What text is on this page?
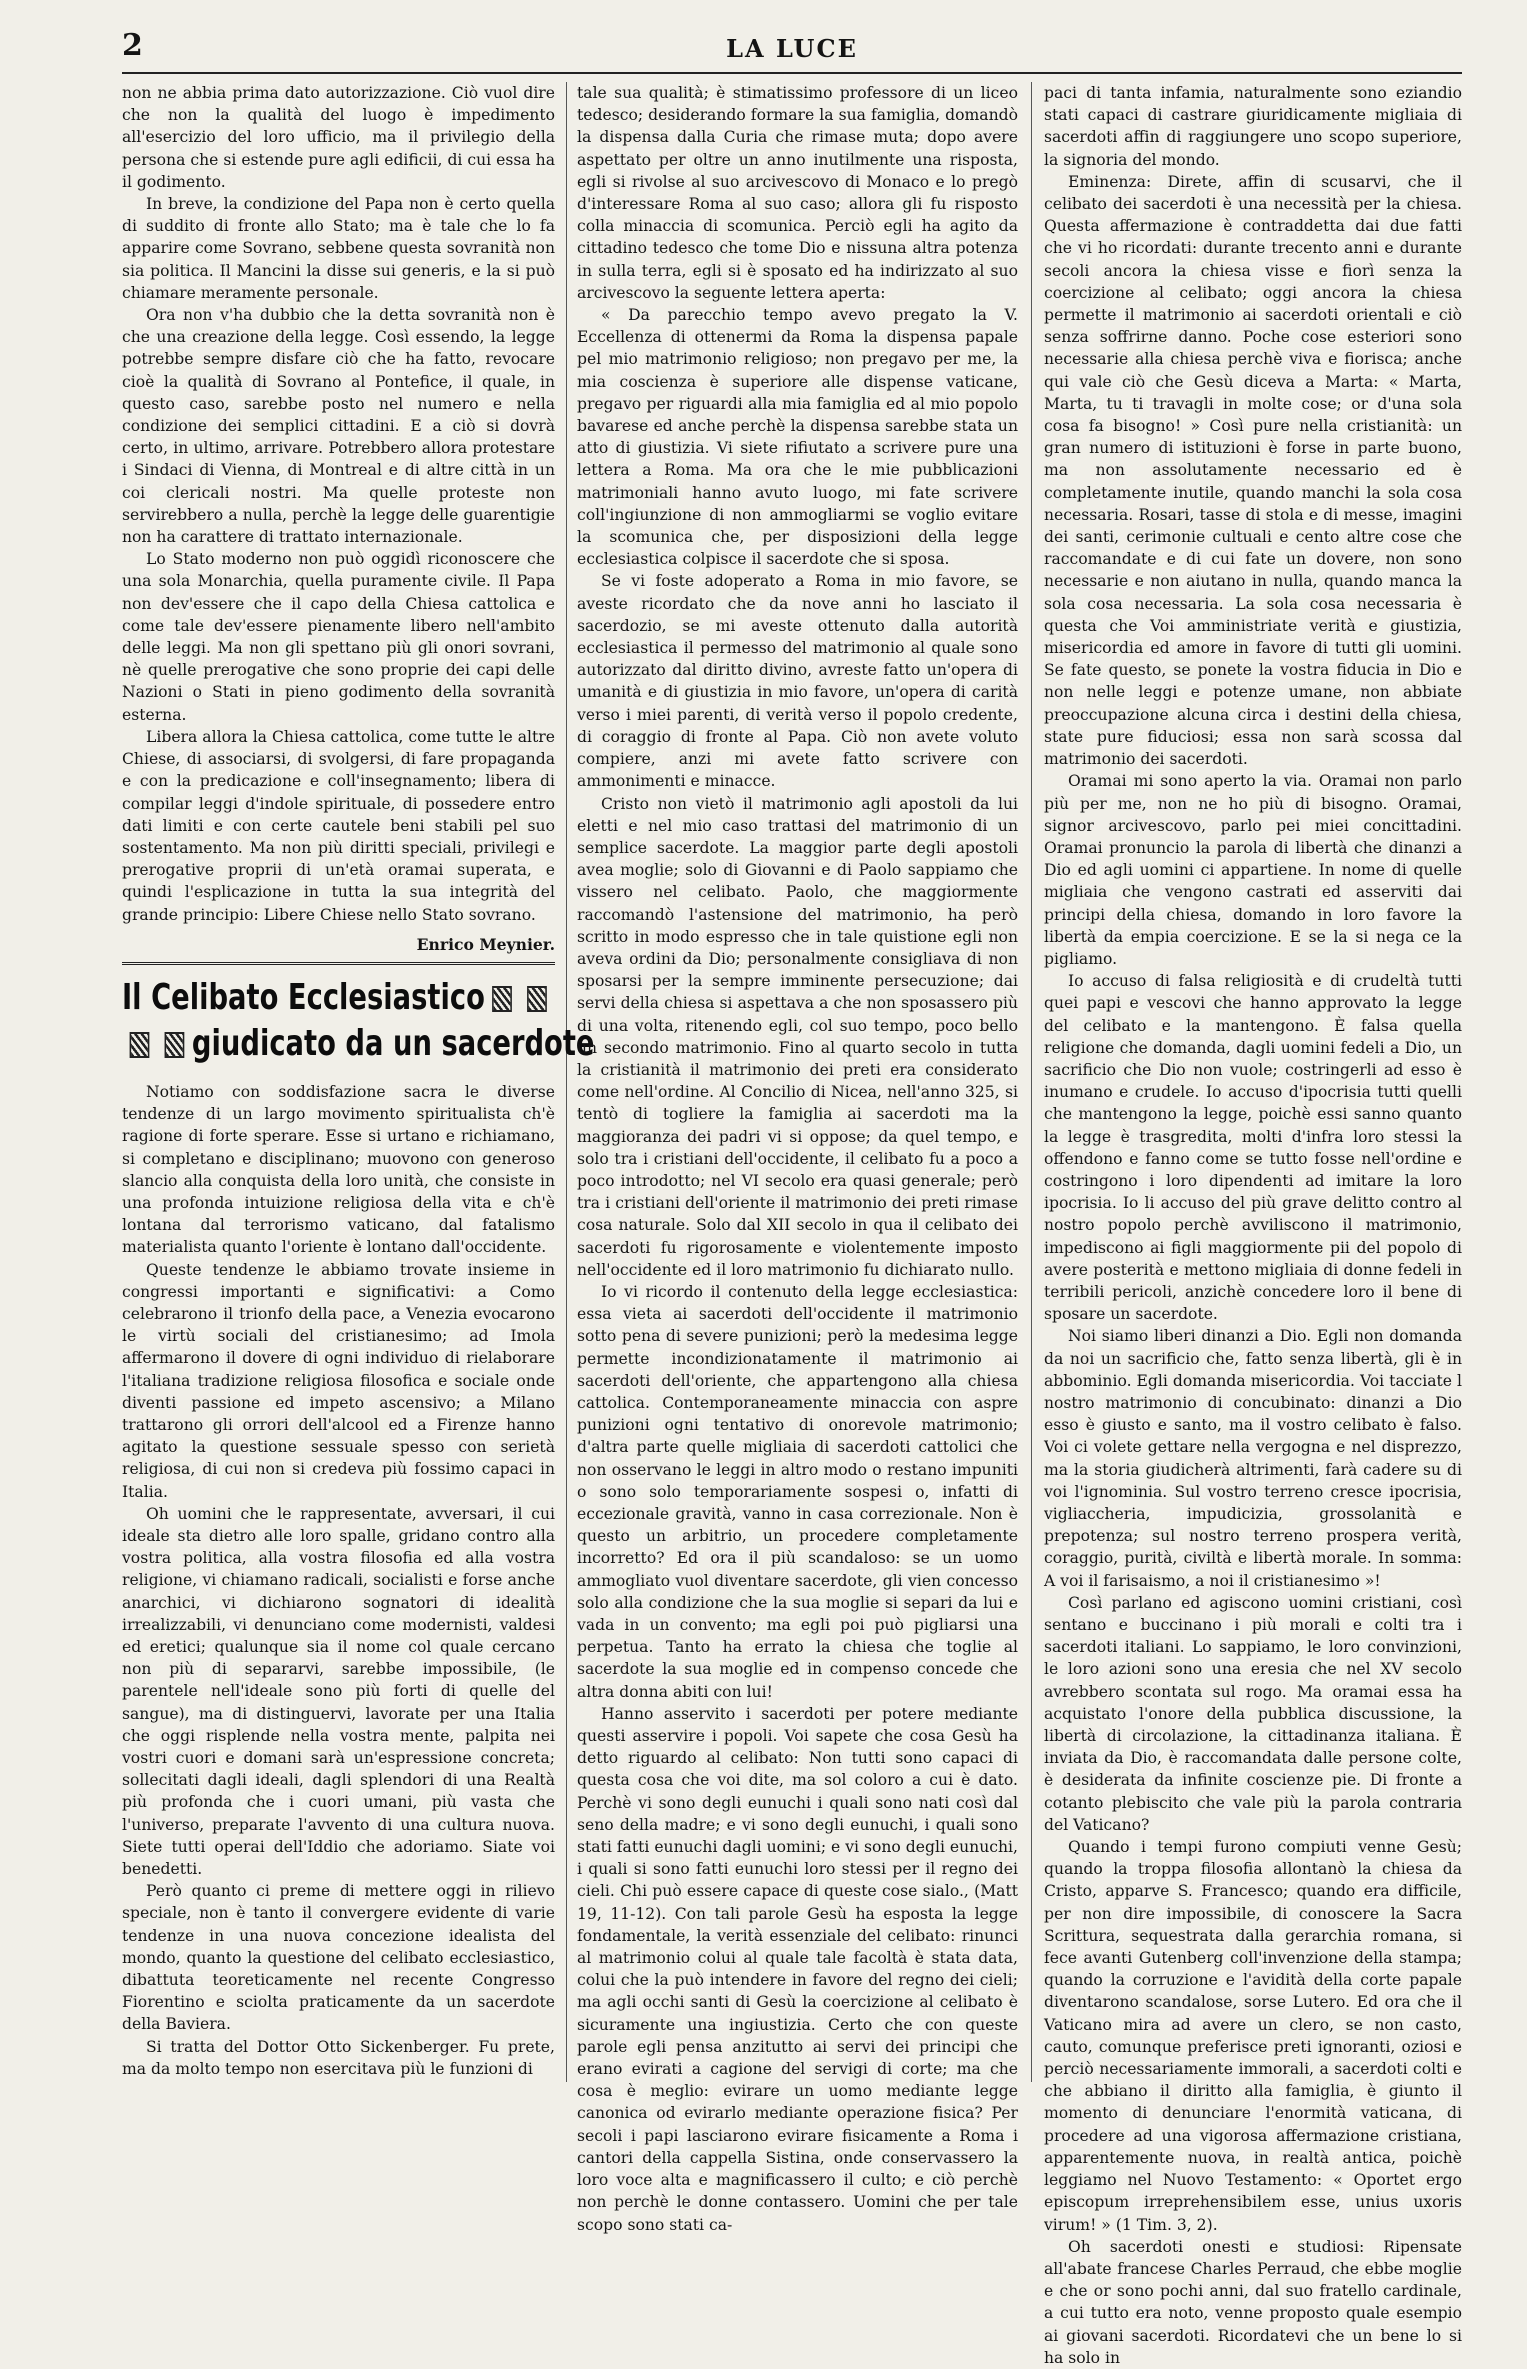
2	LA LUCE

non ne abbia prima dato autorizzazione. Ciò vuol dire che non la qualità del luogo è impedimento all'esercizio del loro ufficio, ma il privilegio della persona che si estende pure agli edificii, di cui essa ha il godimento.

In breve, la condizione del Papa non è certo quella di suddito di fronte allo Stato; ma è tale che lo fa apparire come Sovrano, sebbene questa sovranità non sia politica. Il Mancini la disse sui generis, e la si può chiamare meramente personale.

Ora non v'ha dubbio che la detta sovranità non è che una creazione della legge. Così essendo, la legge potrebbe sempre disfare ciò che ha fatto, revocare cioè la qualità di Sovrano al Pontefice, il quale, in questo caso, sarebbe posto nel numero e nella condizione dei semplici cittadini. E a ciò si dovrà certo, in ultimo, arrivare. Potrebbero allora protestare i Sindaci di Vienna, di Montreal e di altre città in un coi clericali nostri. Ma quelle proteste non servirebbero a nulla, perchè la legge delle guarentigie non ha carattere di trattato internazionale.

Lo Stato moderno non può oggidì riconoscere che una sola Monarchia, quella puramente civile. Il Papa non dev'essere che il capo della Chiesa cattolica e come tale dev'essere pienamente libero nell'ambito delle leggi. Ma non gli spettano più gli onori sovrani, nè quelle prerogative che sono proprie dei capi delle Nazioni o Stati in pieno godimento della sovranità esterna.

Libera allora la Chiesa cattolica, come tutte le altre Chiese, di associarsi, di svolgersi, di fare propaganda e con la predicazione e coll'insegnamento; libera di compilar leggi d'indole spirituale, di possedere entro dati limiti e con certe cautele beni stabili pel suo sostentamento. Ma non più diritti speciali, privilegi e prerogative proprii di un'età oramai superata, e quindi l'esplicazione in tutta la sua integrità del grande principio: Libere Chiese nello Stato sovrano.

Enrico Meynier.
Il Celibato Ecclesiastico
giudicato da un sacerdote

Notiamo con soddisfazione sacra le diverse tendenze di un largo movimento spiritualista ch'è ragione di forte sperare. Esse si urtano e richiamano, si completano e disciplinano; muovono con generoso slancio alla conquista della loro unità, che consiste in una profonda intuizione religiosa della vita e ch'è lontana dal terrorismo vaticano, dal fatalismo materialista quanto l'oriente è lontano dall'occidente.

Queste tendenze le abbiamo trovate insieme in congressi importanti e significativi: a Como celebrarono il trionfo della pace, a Venezia evocarono le virtù sociali del cristianesimo; ad Imola affermarono il dovere di ogni individuo di rielaborare l'italiana tradizione religiosa filosofica e sociale onde diventi passione ed impeto ascensivo; a Milano trattarono gli orrori dell'alcool ed a Firenze hanno agitato la questione sessuale spesso con serietà religiosa, di cui non si credeva più fossimo capaci in Italia.

Oh uomini che le rappresentate, avversari, il cui ideale sta dietro alle loro spalle, gridano contro alla vostra politica, alla vostra filosofia ed alla vostra religione, vi chiamano radicali, socialisti e forse anche anarchici, vi dichiarono sognatori di idealità irrealizzabili, vi denunciano come modernisti, valdesi ed eretici; qualunque sia il nome col quale cercano non più di separarvi, sarebbe impossibile, (le parentele nell'ideale sono più forti di quelle del sangue), ma di distinguervi, lavorate per una Italia che oggi risplende nella vostra mente, palpita nei vostri cuori e domani sarà un'espressione concreta; sollecitati dagli ideali, dagli splendori di una Realtà più profonda che i cuori umani, più vasta che l'universo, preparate l'avvento di una cultura nuova. Siete tutti operai dell'Iddio che adoriamo. Siate voi benedetti.

Però quanto ci preme di mettere oggi in rilievo speciale, non è tanto il convergere evidente di varie tendenze in una nuova concezione idealista del mondo, quanto la questione del celibato ecclesiastico, dibattuta teoreticamente nel recente Congresso Fiorentino e sciolta praticamente da un sacerdote della Baviera.

Si tratta del Dottor Otto Sickenberger. Fu prete, ma da molto tempo non esercitava più le funzioni di

tale sua qualità; è stimatissimo professore di un liceo tedesco; desiderando formare la sua famiglia, domandò la dispensa dalla Curia che rimase muta; dopo avere aspettato per oltre un anno inutilmente una risposta, egli si rivolse al suo arcivescovo di Monaco e lo pregò d'interessare Roma al suo caso; allora gli fu risposto colla minaccia di scomunica. Perciò egli ha agito da cittadino tedesco che tome Dio e nissuna altra potenza in sulla terra, egli si è sposato ed ha indirizzato al suo arcivescovo la seguente lettera aperta:

« Da parecchio tempo avevo pregato la V. Eccellenza di ottenermi da Roma la dispensa papale pel mio matrimonio religioso; non pregavo per me, la mia coscienza è superiore alle dispense vaticane, pregavo per riguardi alla mia famiglia ed al mio popolo bavarese ed anche perchè la dispensa sarebbe stata un atto di giustizia. Vi siete rifiutato a scrivere pure una lettera a Roma. Ma ora che le mie pubblicazioni matrimoniali hanno avuto luogo, mi fate scrivere coll'ingiunzione di non ammogliarmi se voglio evitare la scomunica che, per disposizioni della legge ecclesiastica colpisce il sacerdote che si sposa.

Se vi foste adoperato a Roma in mio favore, se aveste ricordato che da nove anni ho lasciato il sacerdozio, se mi aveste ottenuto dalla autorità ecclesiastica il permesso del matrimonio al quale sono autorizzato dal diritto divino, avreste fatto un'opera di umanità e di giustizia in mio favore, un'opera di carità verso i miei parenti, di verità verso il popolo credente, di coraggio di fronte al Papa. Ciò non avete voluto compiere, anzi mi avete fatto scrivere con ammonimenti e minacce.

Cristo non vietò il matrimonio agli apostoli da lui eletti e nel mio caso trattasi del matrimonio di un semplice sacerdote. La maggior parte degli apostoli avea moglie; solo di Giovanni e di Paolo sappiamo che vissero nel celibato. Paolo, che maggiormente raccomandò l'astensione del matrimonio, ha però scritto in modo espresso che in tale quistione egli non aveva ordini da Dio; personalmente consigliava di non sposarsi per la sempre imminente persecuzione; dai servi della chiesa si aspettava a che non sposassero più di una volta, ritenendo egli, col suo tempo, poco bello un secondo matrimonio. Fino al quarto secolo in tutta la cristianità il matrimonio dei preti era considerato come nell'ordine. Al Concilio di Nicea, nell'anno 325, si tentò di togliere la famiglia ai sacerdoti ma la maggioranza dei padri vi si oppose; da quel tempo, e solo tra i cristiani dell'occidente, il celibato fu a poco a poco introdotto; nel VI secolo era quasi generale; però tra i cristiani dell'oriente il matrimonio dei preti rimase cosa naturale. Solo dal XII secolo in qua il celibato dei sacerdoti fu rigorosamente e violentemente imposto nell'occidente ed il loro matrimonio fu dichiarato nullo.

Io vi ricordo il contenuto della legge ecclesiastica: essa vieta ai sacerdoti dell'occidente il matrimonio sotto pena di severe punizioni; però la medesima legge permette incondizionatamente il matrimonio ai sacerdoti dell'oriente, che appartengono alla chiesa cattolica. Contemporaneamente minaccia con aspre punizioni ogni tentativo di onorevole matrimonio; d'altra parte quelle migliaia di sacerdoti cattolici che non osservano le leggi in altro modo o restano impuniti o sono solo temporariamente sospesi o, infatti di eccezionale gravità, vanno in casa correzionale. Non è questo un arbitrio, un procedere completamente incorretto? Ed ora il più scandaloso: se un uomo ammogliato vuol diventare sacerdote, gli vien concesso solo alla condizione che la sua moglie si separi da lui e vada in un convento; ma egli poi può pigliarsi una perpetua. Tanto ha errato la chiesa che toglie al sacerdote la sua moglie ed in compenso concede che altra donna abiti con lui!

Hanno asservito i sacerdoti per potere mediante questi asservire i popoli. Voi sapete che cosa Gesù ha detto riguardo al celibato: Non tutti sono capaci di questa cosa che voi dite, ma sol coloro a cui è dato. Perchè vi sono degli eunuchi i quali sono nati così dal seno della madre; e vi sono degli eunuchi, i quali sono stati fatti eunuchi dagli uomini; e vi sono degli eunuchi, i quali si sono fatti eunuchi loro stessi per il regno dei cieli. Chi può essere capace di queste cose sialo., (Matt 19, 11-12). Con tali parole Gesù ha esposta la legge fondamentale, la verità essenziale del celibato: rinunci al matrimonio colui al quale tale facoltà è stata data, colui che la può intendere in favore del regno dei cieli; ma agli occhi santi di Gesù la coercizione al celibato è sicuramente una ingiustizia. Certo che con queste parole egli pensa anzitutto ai servi dei principi che erano evirati a cagione del servigi di corte; ma che cosa è meglio: evirare un uomo mediante legge canonica od evirarlo mediante operazione fisica? Per secoli i papi lasciarono evirare fisicamente a Roma i cantori della cappella Sistina, onde conservassero la loro voce alta e magnificassero il culto; e ciò perchè non perchè le donne contassero. Uomini che per tale scopo sono stati ca-

paci di tanta infamia, naturalmente sono eziandio stati capaci di castrare giuridicamente migliaia di sacerdoti affin di raggiungere uno scopo superiore, la signoria del mondo.

Eminenza: Direte, affin di scusarvi, che il celibato dei sacerdoti è una necessità per la chiesa. Questa affermazione è contraddetta dai due fatti che vi ho ricordati: durante trecento anni e durante secoli ancora la chiesa visse e fiorì senza la coercizione al celibato; oggi ancora la chiesa permette il matrimonio ai sacerdoti orientali e ciò senza soffrirne danno. Poche cose esteriori sono necessarie alla chiesa perchè viva e fiorisca; anche qui vale ciò che Gesù diceva a Marta: « Marta, Marta, tu ti travagli in molte cose; or d'una sola cosa fa bisogno! » Così pure nella cristianità: un gran numero di istituzioni è forse in parte buono, ma non assolutamente necessario ed è completamente inutile, quando manchi la sola cosa necessaria. Rosari, tasse di stola e di messe, imagini dei santi, cerimonie cultuali e cento altre cose che raccomandate e di cui fate un dovere, non sono necessarie e non aiutano in nulla, quando manca la sola cosa necessaria. La sola cosa necessaria è questa che Voi amministriate verità e giustizia, misericordia ed amore in favore di tutti gli uomini. Se fate questo, se ponete la vostra fiducia in Dio e non nelle leggi e potenze umane, non abbiate preoccupazione alcuna circa i destini della chiesa, state pure fiduciosi; essa non sarà scossa dal matrimonio dei sacerdoti.

Oramai mi sono aperto la via. Oramai non parlo più per me, non ne ho più di bisogno. Oramai, signor arcivescovo, parlo pei miei concittadini. Oramai pronuncio la parola di libertà che dinanzi a Dio ed agli uomini ci appartiene. In nome di quelle migliaia che vengono castrati ed asserviti dai principi della chiesa, domando in loro favore la libertà da empia coercizione. E se la si nega ce la pigliamo.

Io accuso di falsa religiosità e di crudeltà tutti quei papi e vescovi che hanno approvato la legge del celibato e la mantengono. È falsa quella religione che domanda, dagli uomini fedeli a Dio, un sacrificio che Dio non vuole; costringerli ad esso è inumano e crudele. Io accuso d'ipocrisia tutti quelli che mantengono la legge, poichè essi sanno quanto la legge è trasgredita, molti d'infra loro stessi la offendono e fanno come se tutto fosse nell'ordine e costringono i loro dipendenti ad imitare la loro ipocrisia. Io li accuso del più grave delitto contro al nostro popolo perchè avviliscono il matrimonio, impediscono ai figli maggiormente pii del popolo di avere posterità e mettono migliaia di donne fedeli in terribili pericoli, anzichè concedere loro il bene di sposare un sacerdote.

Noi siamo liberi dinanzi a Dio. Egli non domanda da noi un sacrificio che, fatto senza libertà, gli è in abbominio. Egli domanda misericordia. Voi tacciate l nostro matrimonio di concubinato: dinanzi a Dio esso è giusto e santo, ma il vostro celibato è falso. Voi ci volete gettare nella vergogna e nel disprezzo, ma la storia giudicherà altrimenti, farà cadere su di voi l'ignominia. Sul vostro terreno cresce ipocrisia, vigliaccheria, impudicizia, grossolanità e prepotenza; sul nostro terreno prospera verità, coraggio, purità, civiltà e libertà morale. In somma: A voi il farisaismo, a noi il cristianesimo »!

Così parlano ed agiscono uomini cristiani, così sentano e buccinano i più morali e colti tra i sacerdoti italiani. Lo sappiamo, le loro convinzioni, le loro azioni sono una eresia che nel XV secolo avrebbero scontata sul rogo. Ma oramai essa ha acquistato l'onore della pubblica discussione, la libertà di circolazione, la cittadinanza italiana. È inviata da Dio, è raccomandata dalle persone colte, è desiderata da infinite coscienze pie. Di fronte a cotanto plebiscito che vale più la parola contraria del Vaticano?

Quando i tempi furono compiuti venne Gesù; quando la troppa filosofia allontanò la chiesa da Cristo, apparve S. Francesco; quando era difficile, per non dire impossibile, di conoscere la Sacra Scrittura, sequestrata dalla gerarchia romana, si fece avanti Gutenberg coll'invenzione della stampa; quando la corruzione e l'avidità della corte papale diventarono scandalose, sorse Lutero. Ed ora che il Vaticano mira ad avere un clero, se non casto, cauto, comunque preferisce preti ignoranti, oziosi e perciò necessariamente immorali, a sacerdoti colti e che abbiano il diritto alla famiglia, è giunto il momento di denunciare l'enormità vaticana, di procedere ad una vigorosa affermazione cristiana, apparentemente nuova, in realtà antica, poichè leggiamo nel Nuovo Testamento: « Oportet ergo episcopum irreprehensibilem esse, unius uxoris virum! » (1 Tim. 3, 2).

Oh sacerdoti onesti e studiosi: Ripensate all'abate francese Charles Perraud, che ebbe moglie e che or sono pochi anni, dal suo fratello cardinale, a cui tutto era noto, venne proposto quale esempio ai giovani sacerdoti. Ricordatevi che un bene lo si ha solo in
